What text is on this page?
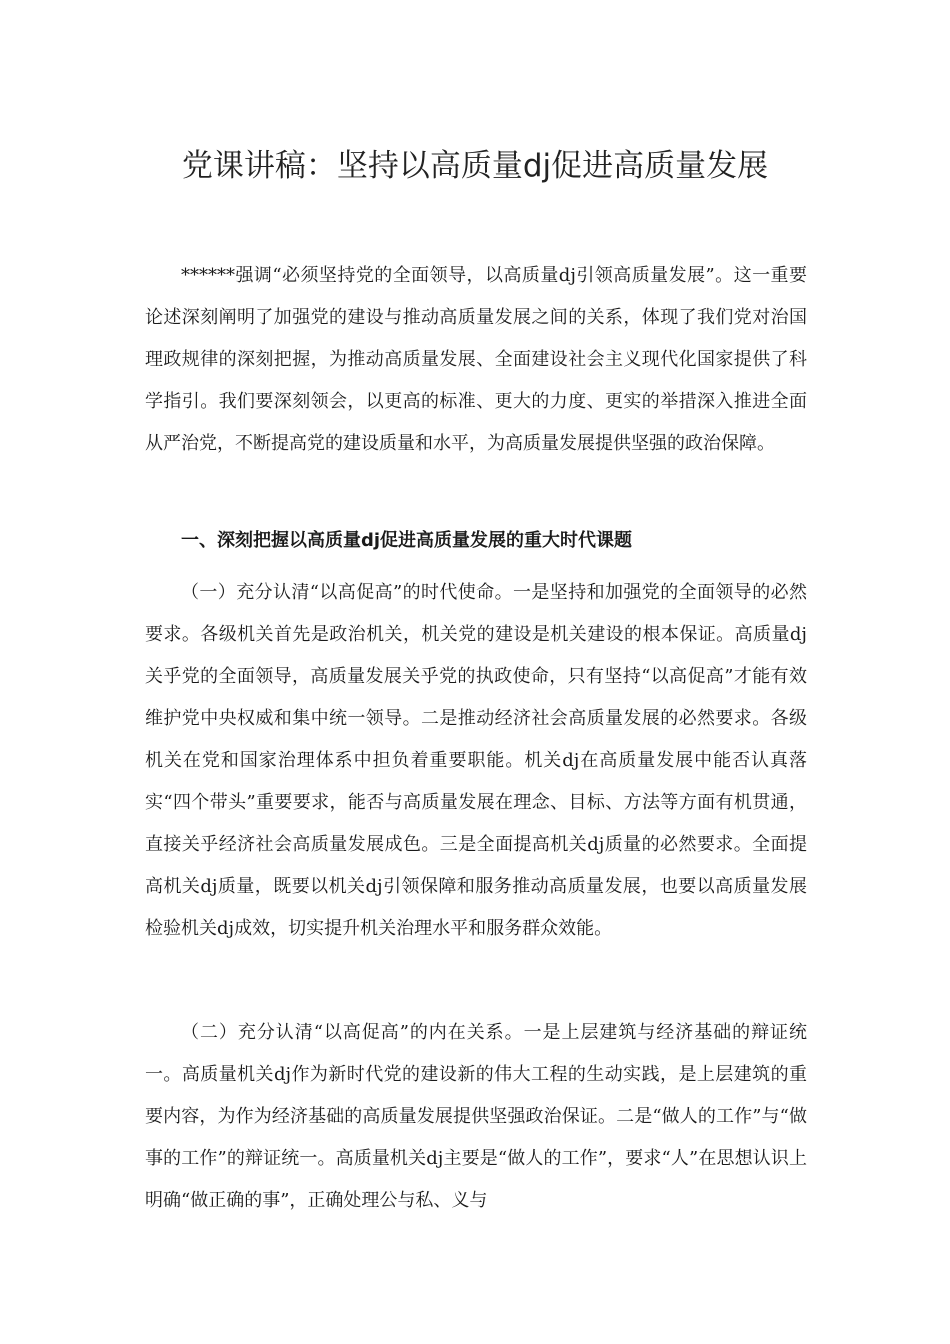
党课讲稿：坚持以高质量dj促进高质量发展

******强调“必须坚持党的全面领导，以高质量dj引领高质量发展”。这一重要论述深刻阐明了加强党的建设与推动高质量发展之间的关系，体现了我们党对治国理政规律的深刻把握，为推动高质量发展、全面建设社会主义现代化国家提供了科学指引。我们要深刻领会，以更高的标准、更大的力度、更实的举措深入推进全面从严治党，不断提高党的建设质量和水平，为高质量发展提供坚强的政治保障。

一、深刻把握以高质量dj促进高质量发展的重大时代课题

（一）充分认清“以高促高”的时代使命。一是坚持和加强党的全面领导的必然要求。各级机关首先是政治机关，机关党的建设是机关建设的根本保证。高质量dj关乎党的全面领导，高质量发展关乎党的执政使命，只有坚持“以高促高”才能有效维护党中央权威和集中统一领导。二是推动经济社会高质量发展的必然要求。各级机关在党和国家治理体系中担负着重要职能。机关dj在高质量发展中能否认真落实“四个带头”重要要求，能否与高质量发展在理念、目标、方法等方面有机贯通，直接关乎经济社会高质量发展成色。三是全面提高机关dj质量的必然要求。全面提高机关dj质量，既要以机关dj引领保障和服务推动高质量发展，也要以高质量发展检验机关dj成效，切实提升机关治理水平和服务群众效能。

（二）充分认清“以高促高”的内在关系。一是上层建筑与经济基础的辩证统一。高质量机关dj作为新时代党的建设新的伟大工程的生动实践，是上层建筑的重要内容，为作为经济基础的高质量发展提供坚强政治保证。二是“做人的工作”与“做事的工作”的辩证统一。高质量机关dj主要是“做人的工作”，要求“人”在思想认识上明确“做正确的事”，正确处理公与私、义与
